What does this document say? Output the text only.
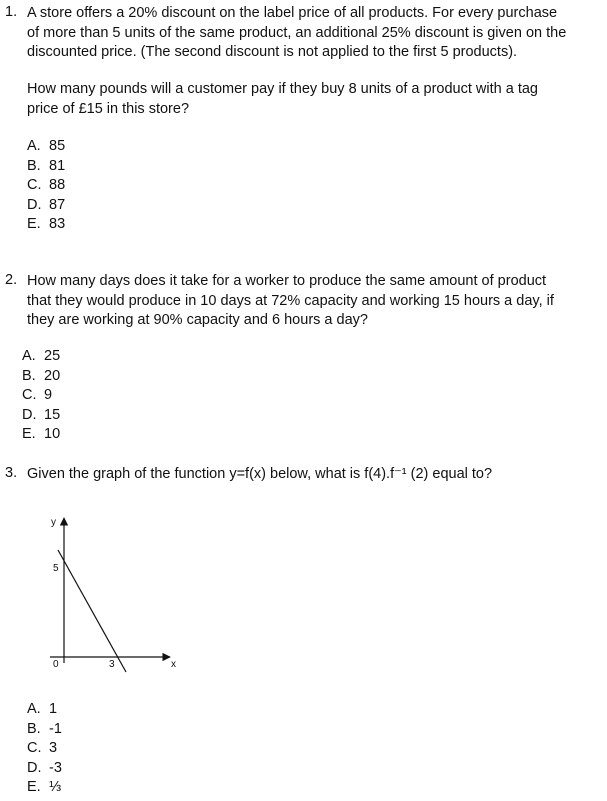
1. A store offers a 20% discount on the label price of all products. For every purchase
of more than 5 units of the same product, an additional 25% discount is given on the
discounted price. (The second discount is not applied to the first 5 products).
How many pounds will a customer pay if they buy 8 units of a product with a tag
price of £15 in this store?
A. 85
B. 81
C. 88
D. 87
E. 83
2. How many days does it take for a worker to produce the same amount of product
that they would produce in 10 days at 72% capacity and working 15 hours a day, if
they are working at 90% capacity and 6 hours a day?
A. 25
B. 20
C. 9
D. 15
E. 10
3. Given the graph of the function y=f(x) below, what is f(4).f⁻¹ (2) equal to?
y
x
5
0	3
A. 1
B. -1
C. 3
D. -3
E. ⅓
